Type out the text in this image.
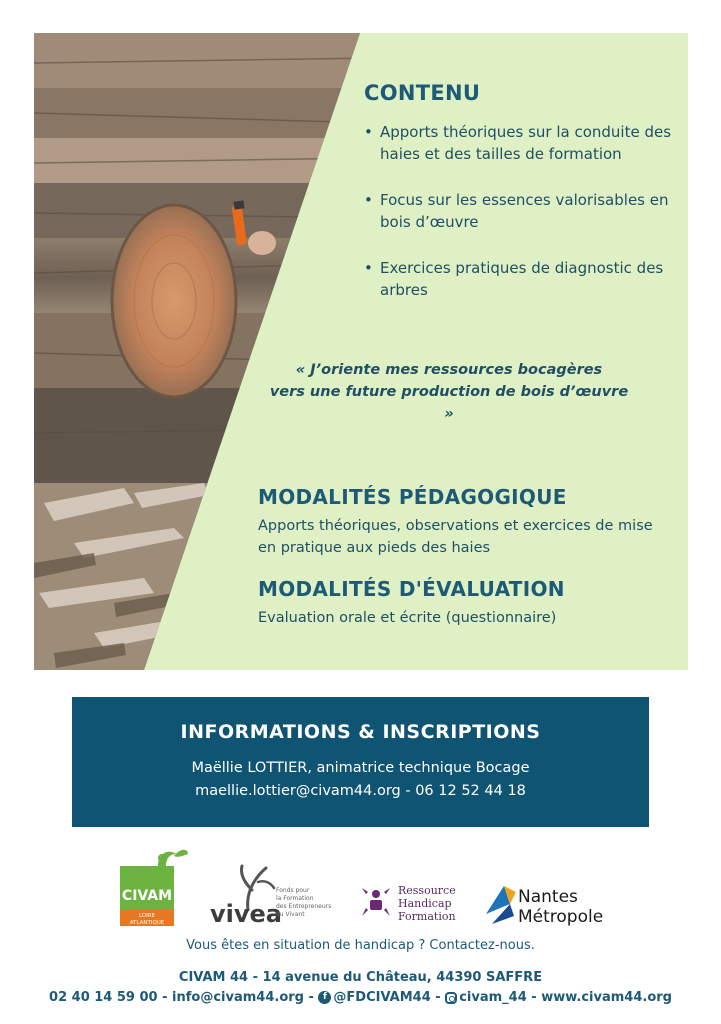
CONTENU
• Apports théoriques sur la conduite des haies et des tailles de formation
• Focus sur les essences valorisables en bois d’œuvre
• Exercices pratiques de diagnostic des arbres
« J’oriente mes ressources bocagères
vers une future production de bois d’œuvre »
MODALITÉS PÉDAGOGIQUE
Apports théoriques, observations et exercices de mise en pratique aux pieds des haies
MODALITÉS D'ÉVALUATION
Evaluation orale et écrite (questionnaire)
INFORMATIONS & INSCRIPTIONS
Maëllie LOTTIER, animatrice technique Bocage
maellie.lottier@civam44.org - 06 12 52 44 18
CIVAM
LOIRE
ATLANTIQUE vivea
Fonds pour
la Formation
des Entrepreneurs
du Vivant
Ressource
Handicap
Formation
Nantes
Métropole
Vous êtes en situation de handicap ? Contactez-nous.
CIVAM 44 - 14 avenue du Château, 44390 SAFFRE
02 40 14 59 00 - info@civam44.org - f @FDCIVAM44 - civam_44 - www.civam44.org
